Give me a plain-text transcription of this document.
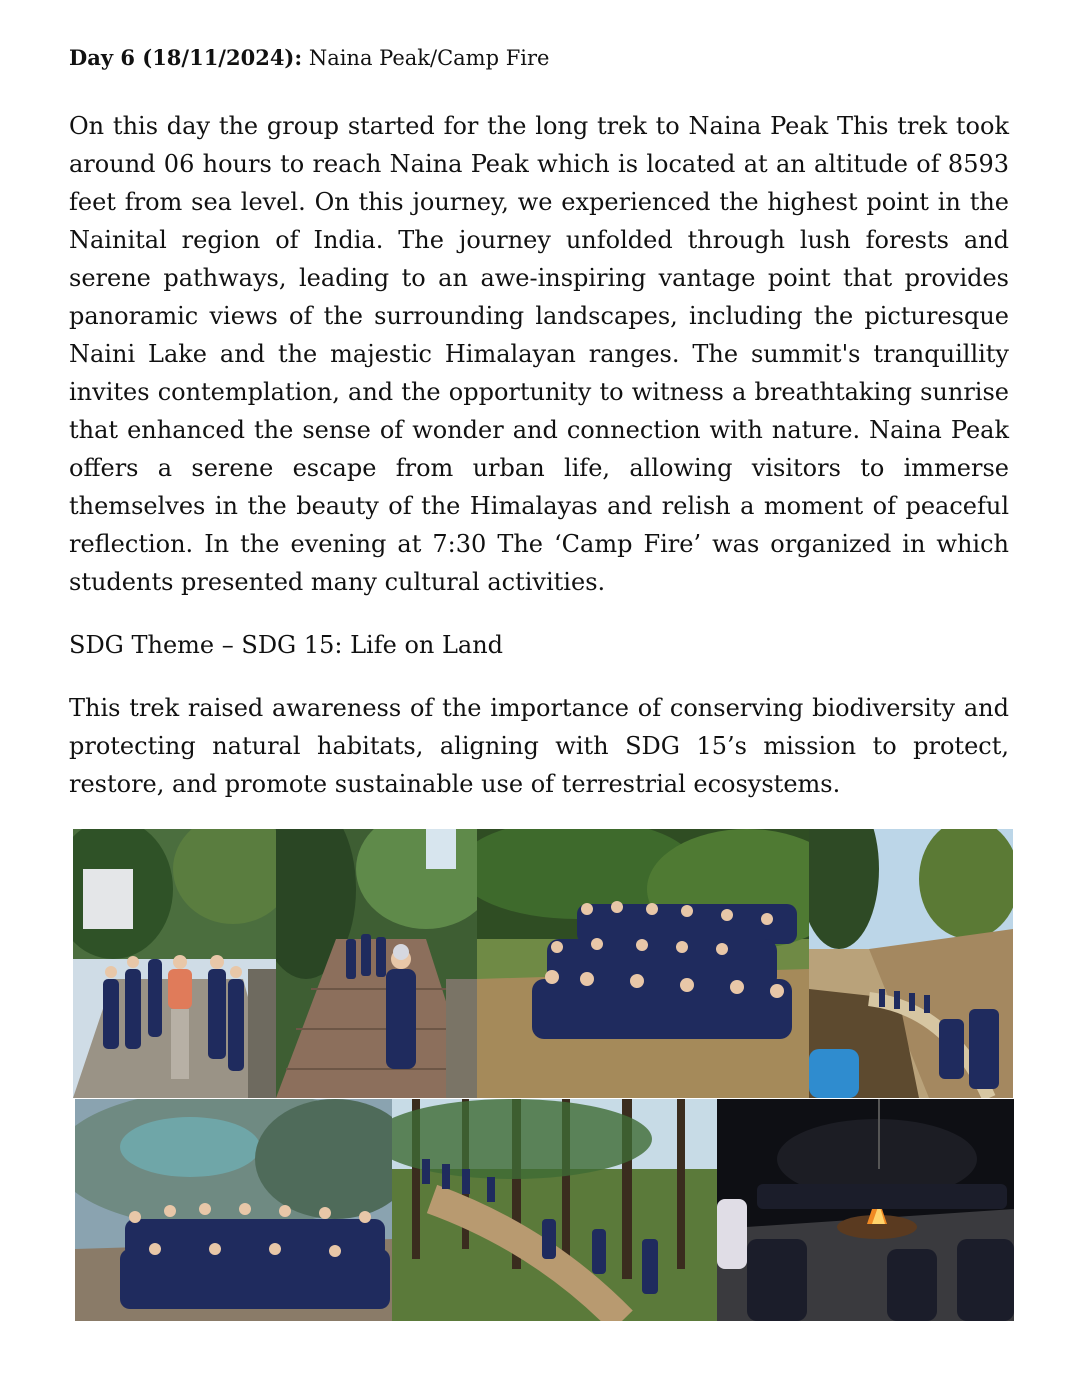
Day 6 (18/11/2024): Naina Peak/Camp Fire

On this day the group started for the long trek to Naina Peak This trek took around 06 hours to reach Naina Peak which is located at an altitude of 8593 feet from sea level. On this journey, we experienced the highest point in the Nainital region of India. The journey unfolded through lush forests and serene pathways, leading to an awe-inspiring vantage point that provides panoramic views of the surrounding landscapes, including the picturesque Naini Lake and the majestic Himalayan ranges. The summit's tranquillity invites contemplation, and the opportunity to witness a breathtaking sunrise that enhanced the sense of wonder and connection with nature. Naina Peak offers a serene escape from urban life, allowing visitors to immerse themselves in the beauty of the Himalayas and relish a moment of peaceful reflection. In the evening at 7:30 The ‘Camp Fire’ was organized in which students presented many cultural activities.

SDG Theme – SDG 15: Life on Land

This trek raised awareness of the importance of conserving biodiversity and protecting natural habitats, aligning with SDG 15’s mission to protect, restore, and promote sustainable use of terrestrial ecosystems.
